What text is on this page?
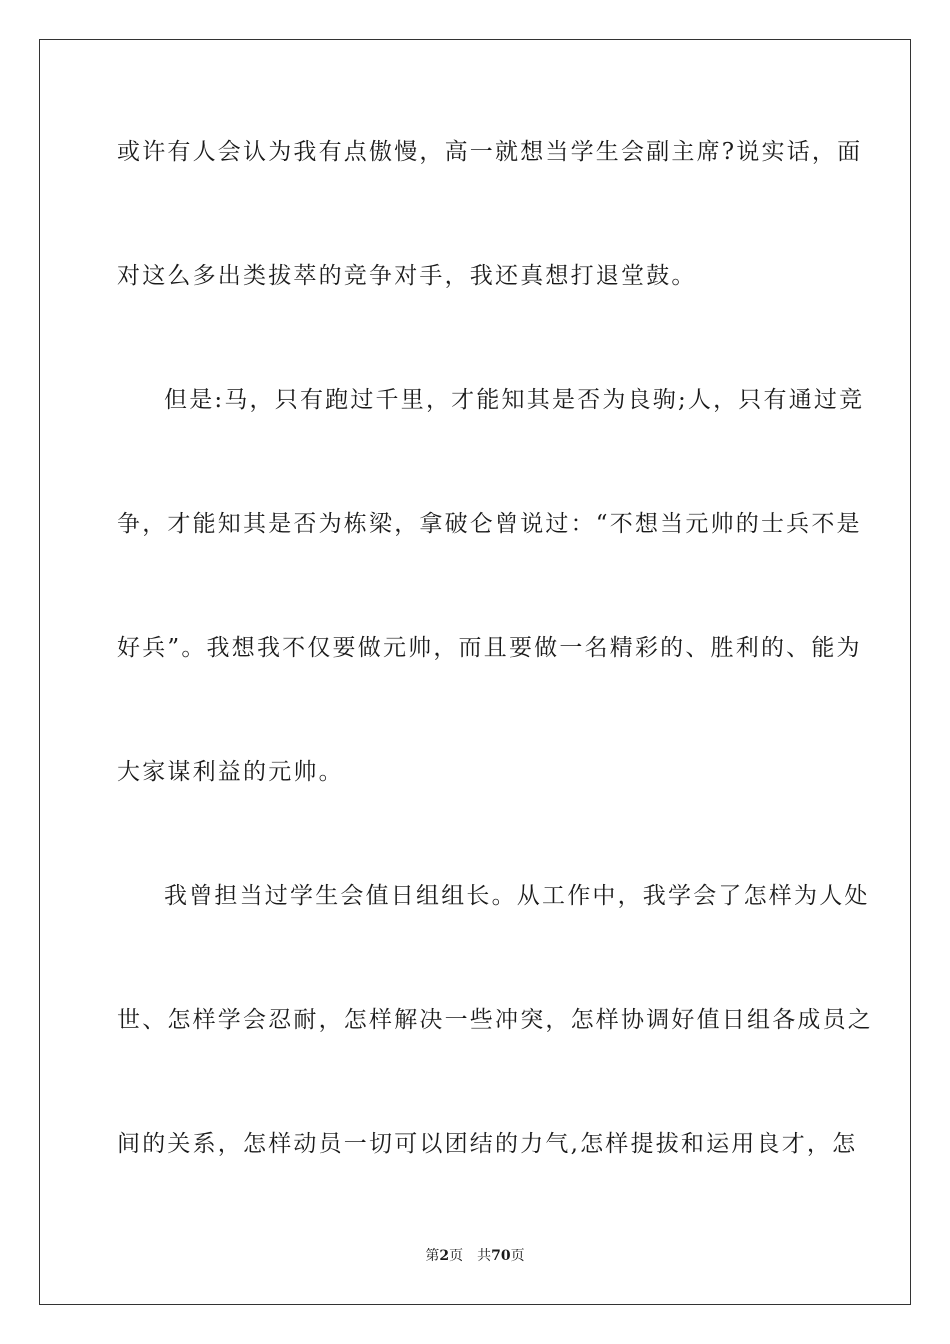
或许有人会认为我有点傲慢，高一就想当学生会副主席?说实话，面
对这么多出类拔萃的竞争对手，我还真想打退堂鼓。
但是:马，只有跑过千里，才能知其是否为良驹;人，只有通过竞
争，才能知其是否为栋梁，拿破仑曾说过：“不想当元帅的士兵不是
好兵”。我想我不仅要做元帅，而且要做一名精彩的、胜利的、能为
大家谋利益的元帅。
我曾担当过学生会值日组组长。从工作中，我学会了怎样为人处
世、怎样学会忍耐，怎样解决一些冲突，怎样协调好值日组各成员之
间的关系，怎样动员一切可以团结的力气,怎样提拔和运用良才，怎
第2页 共70页
